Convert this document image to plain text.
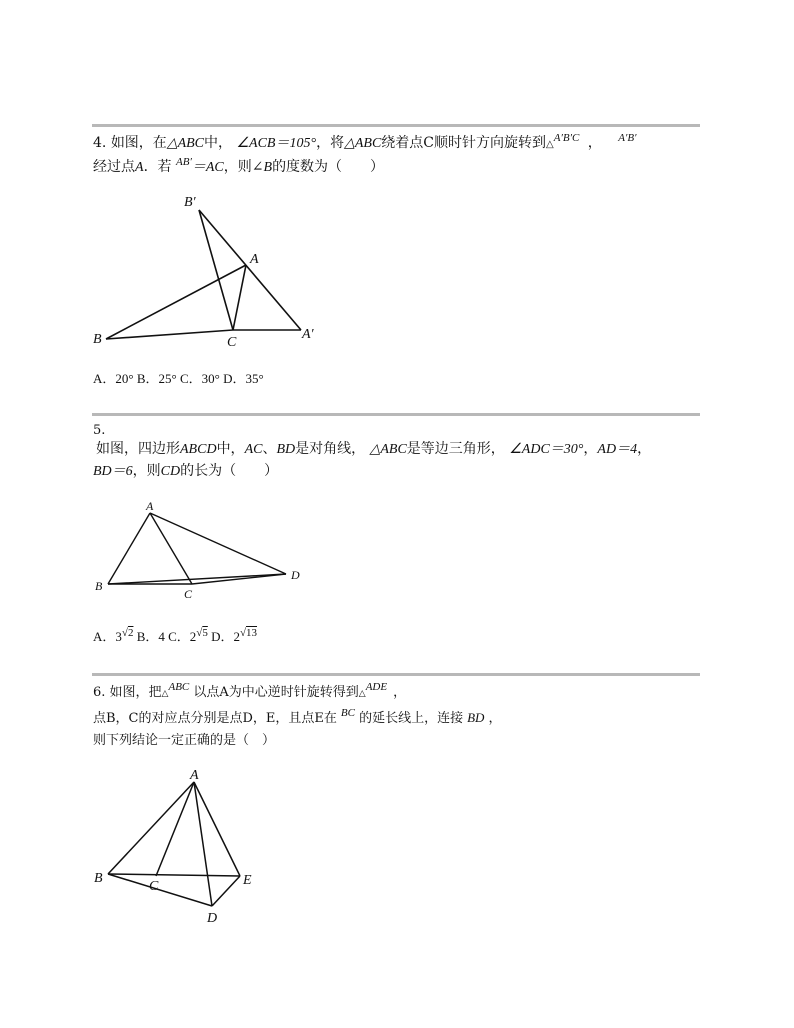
4. 如图，在△ABC中， ∠ACB＝105°，将△ABC绕着点C顺时针方向旋转到△$^{A'B'C}$ ， $^{A'B'}$
经过点A．若 $^{AB'}$＝AC，则∠B的度数为（　　）
B′
A
B	C
A′
A．20° B．25° C．30° D．35°
5.
如图，四边形ABCD中，AC、BD是对角线， △ABC是等边三角形， ∠ADC＝30°，AD＝4，
BD＝6，则CD的长为（　　）
A
B
C
D
A．$3^{√2}$ B．4 C．$2^{√5}$ D．$2^{√13}$
6. 如图，把△$^{ABC}$ 以点A为中心逆时针旋转得到△$^{ADE}$ ，
点B，C的对应点分别是点D，E，且点E在 $^{BC}$ 的延长线上，连接 BD ，
则下列结论一定正确的是（　）
A
B
C	E
D
